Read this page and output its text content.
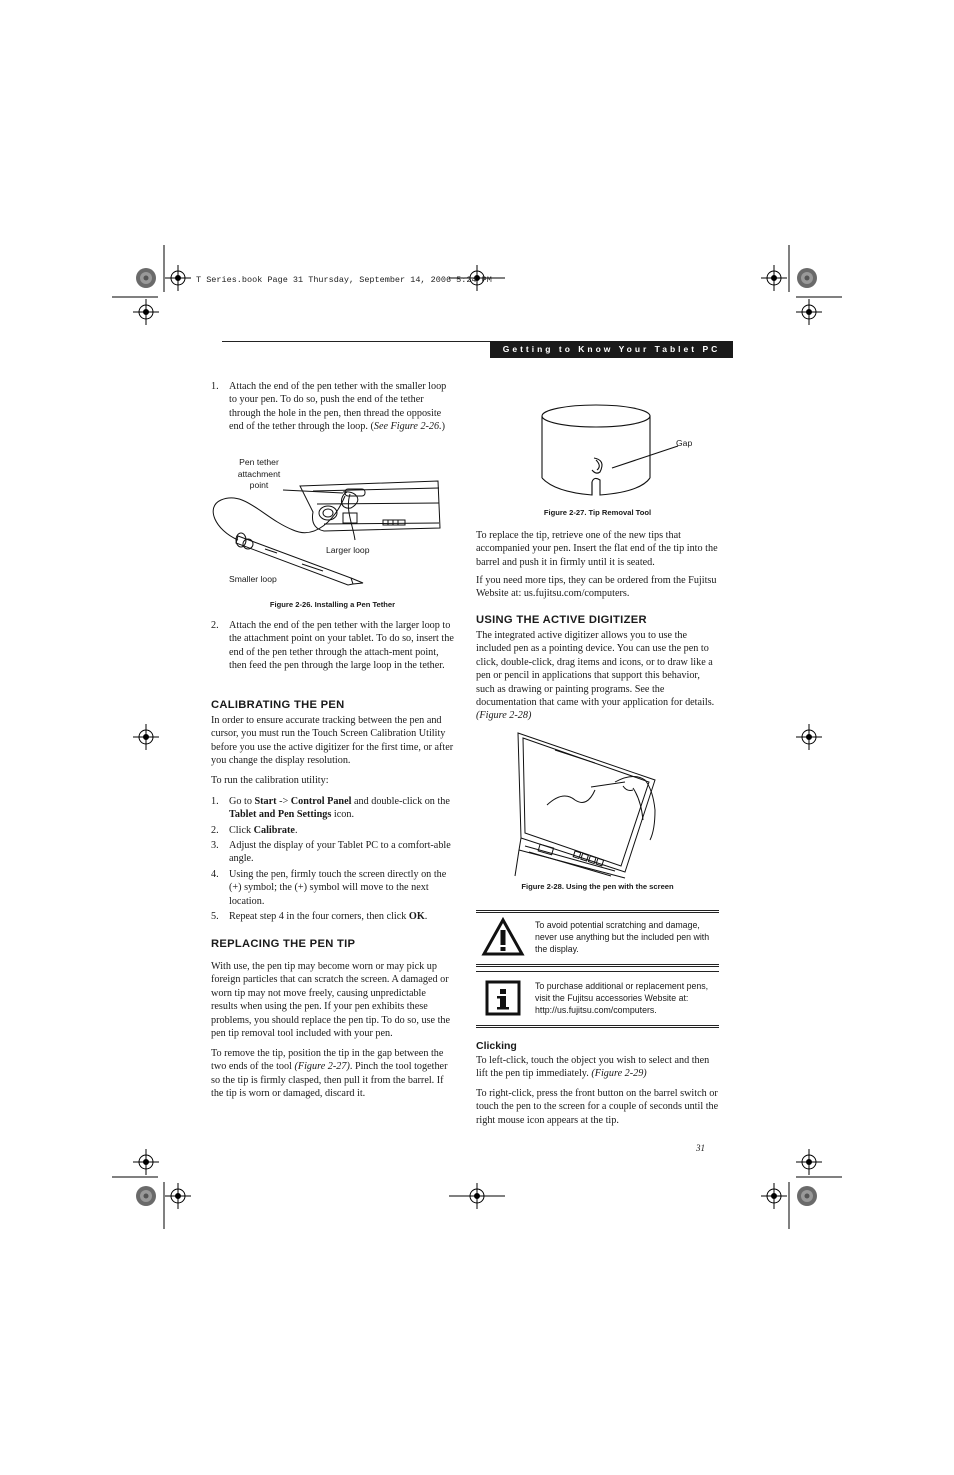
T Series.book Page 31 Thursday, September 14, 2006 5:24 PM
Getting to Know Your Tablet PC
1.	Attach the end of the pen tether with the smaller loop to your pen. To do so, push the end of the tether through the hole in the pen, then thread the opposite end of the tether through the loop. (See Figure 2-26.)
Pen tether attachment point
Larger loop
Smaller loop
Figure 2-26. Installing a Pen Tether
2.	Attach the end of the pen tether with the larger loop to the attachment point on your tablet. To do so, insert the end of the pen tether through the attach-ment point, then feed the pen through the large loop in the tether.
CALIBRATING THE PEN
In order to ensure accurate tracking between the pen and cursor, you must run the Touch Screen Calibration Utility before you use the active digitizer for the first time, or after you change the display resolution.
To run the calibration utility:
1.	Go to Start -> Control Panel and double-click on the Tablet and Pen Settings icon.
2.	Click Calibrate.
3.	Adjust the display of your Tablet PC to a comfort-able angle.
4.	Using the pen, firmly touch the screen directly on the (+) symbol; the (+) symbol will move to the next location.
5.	Repeat step 4 in the four corners, then click OK.
REPLACING THE PEN TIP
With use, the pen tip may become worn or may pick up foreign particles that can scratch the screen. A damaged or worn tip may not move freely, causing unpredictable results when using the pen. If your pen exhibits these problems, you should replace the pen tip. To do so, use the pen tip removal tool included with your pen.
To remove the tip, position the tip in the gap between the two ends of the tool (Figure 2-27). Pinch the tool together so the tip is firmly clasped, then pull it from the barrel. If the tip is worn or damaged, discard it.
Gap
Figure 2-27. Tip Removal Tool
To replace the tip, retrieve one of the new tips that accompanied your pen. Insert the flat end of the tip into the barrel and push it in firmly until it is seated.
If you need more tips, they can be ordered from the Fujitsu Website at: us.fujitsu.com/computers.
USING THE ACTIVE DIGITIZER
The integrated active digitizer allows you to use the included pen as a pointing device. You can use the pen to click, double-click, drag items and icons, or to draw like a pen or pencil in applications that support this behavior, such as drawing or painting programs. See the documentation that came with your application for details. (Figure 2-28)
Figure 2-28. Using the pen with the screen
To avoid potential scratching and damage, never use anything but the included pen with the display.
To purchase additional or replacement pens, visit the Fujitsu accessories Website at: http://us.fujitsu.com/computers.
Clicking
To left-click, touch the object you wish to select and then lift the pen tip immediately. (Figure 2-29)
To right-click, press the front button on the barrel switch or touch the pen to the screen for a couple of seconds until the right mouse icon appears at the tip.
31
